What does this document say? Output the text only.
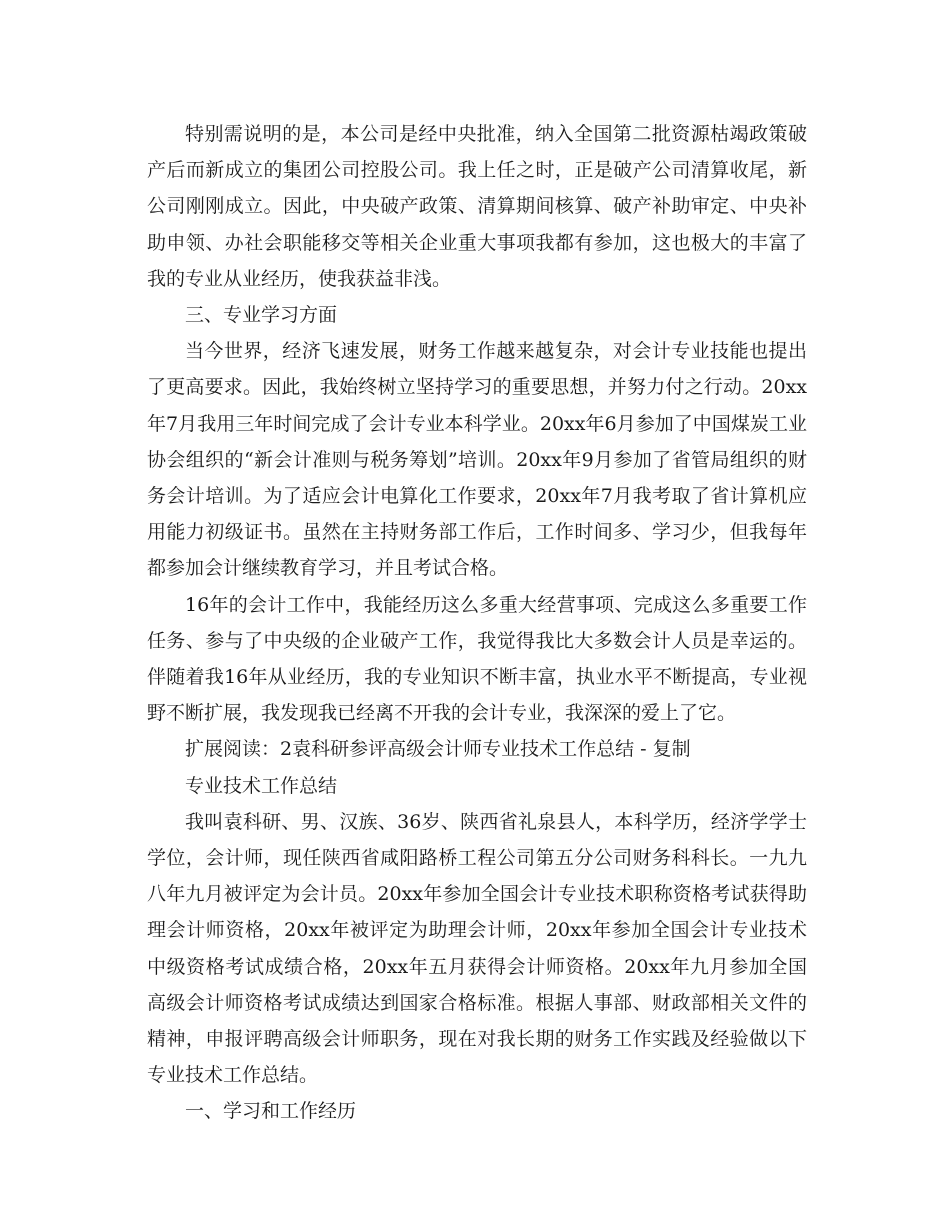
特别需说明的是，本公司是经中央批准，纳入全国第二批资源枯竭政策破产后而新成立的集团公司控股公司。我上任之时，正是破产公司清算收尾，新公司刚刚成立。因此，中央破产政策、清算期间核算、破产补助审定、中央补助申领、办社会职能移交等相关企业重大事项我都有参加，这也极大的丰富了我的专业从业经历，使我获益非浅。

三、专业学习方面

当今世界，经济飞速发展，财务工作越来越复杂，对会计专业技能也提出了更高要求。因此，我始终树立坚持学习的重要思想，并努力付之行动。20xx年7月我用三年时间完成了会计专业本科学业。20xx年6月参加了中国煤炭工业协会组织的“新会计准则与税务筹划”培训。20xx年9月参加了省管局组织的财务会计培训。为了适应会计电算化工作要求，20xx年7月我考取了省计算机应用能力初级证书。虽然在主持财务部工作后，工作时间多、学习少，但我每年都参加会计继续教育学习，并且考试合格。

16年的会计工作中，我能经历这么多重大经营事项、完成这么多重要工作任务、参与了中央级的企业破产工作，我觉得我比大多数会计人员是幸运的。伴随着我16年从业经历，我的专业知识不断丰富，执业水平不断提高，专业视野不断扩展，我发现我已经离不开我的会计专业，我深深的爱上了它。

扩展阅读：2袁科研参评高级会计师专业技术工作总结 - 复制

专业技术工作总结

我叫袁科研、男、汉族、36岁、陕西省礼泉县人，本科学历，经济学学士学位，会计师，现任陕西省咸阳路桥工程公司第五分公司财务科科长。一九九八年九月被评定为会计员。20xx年参加全国会计专业技术职称资格考试获得助理会计师资格，20xx年被评定为助理会计师，20xx年参加全国会计专业技术中级资格考试成绩合格，20xx年五月获得会计师资格。20xx年九月参加全国高级会计师资格考试成绩达到国家合格标准。根据人事部、财政部相关文件的精神，申报评聘高级会计师职务，现在对我长期的财务工作实践及经验做以下专业技术工作总结。

一、学习和工作经历
